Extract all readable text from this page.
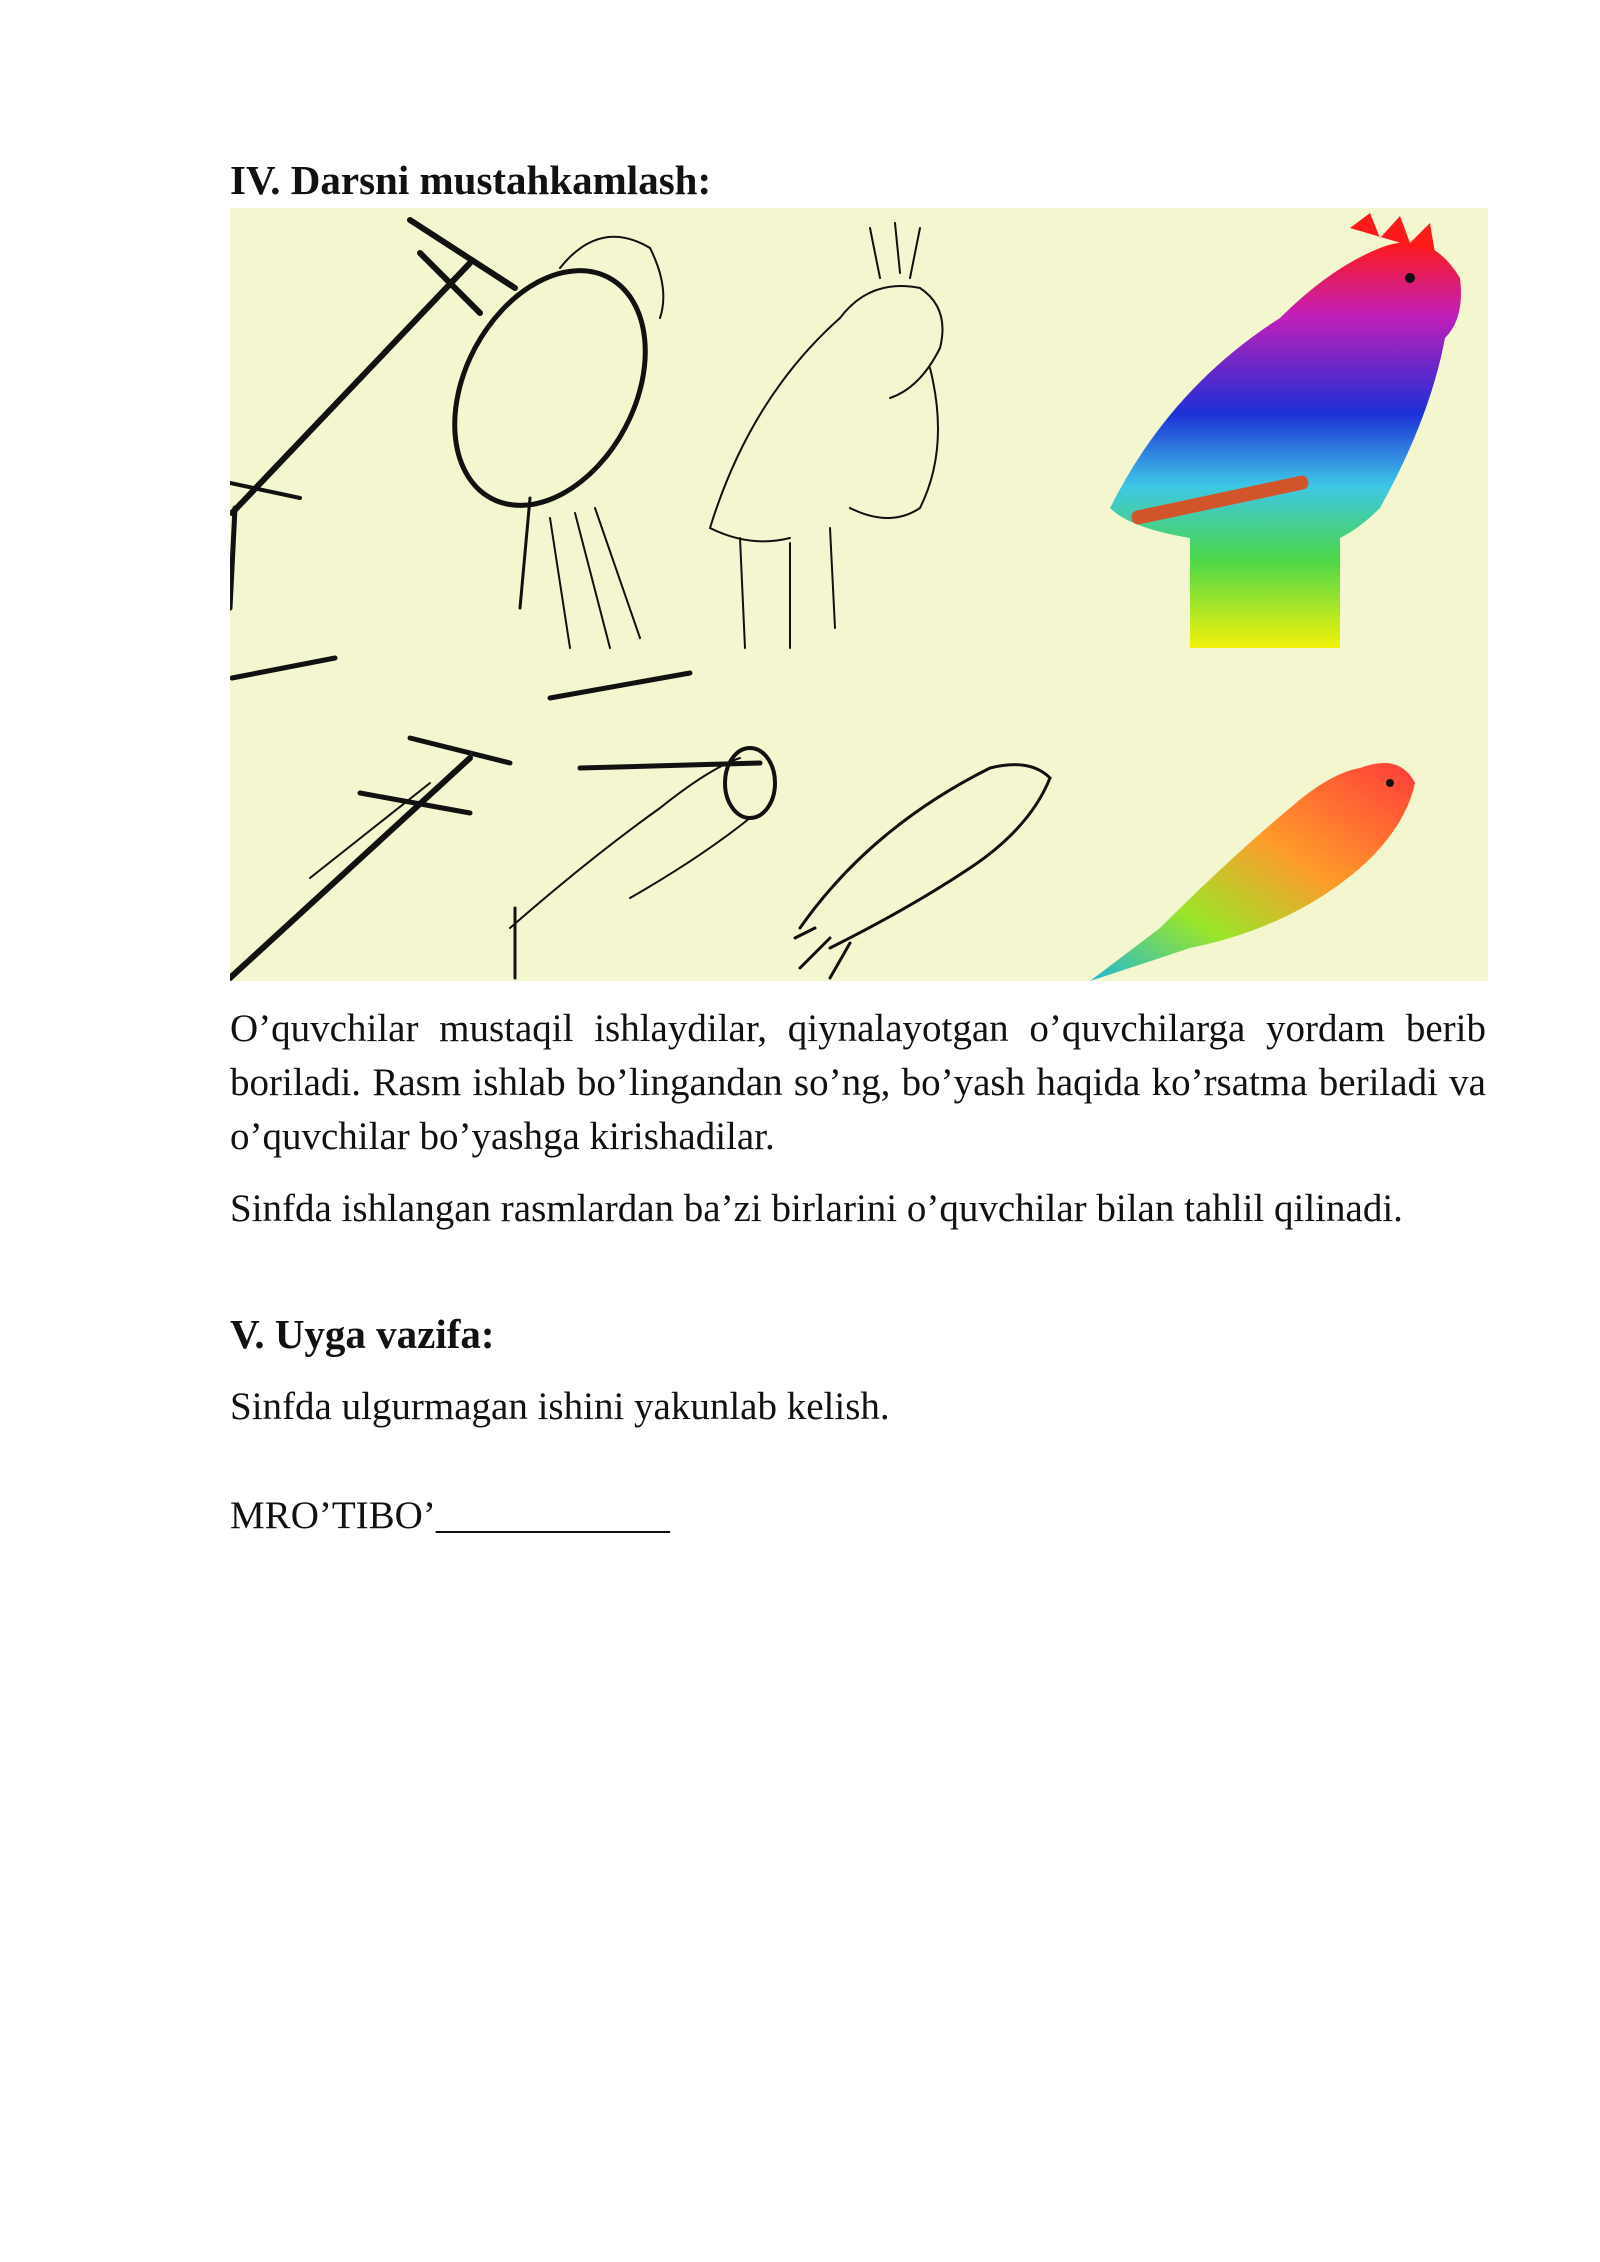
IV. Darsni mustahkamlash:

O’quvchilar mustaqil ishlaydilar, qiynalayotgan o’quvchilarga yordam berib boriladi. Rasm ishlab bo’lingandan so’ng, bo’yash haqida ko’rsatma beriladi va o’quvchilar bo’yashga kirishadilar.

Sinfda ishlangan rasmlardan ba’zi birlarini o’quvchilar bilan tahlil qilinadi.

V. Uyga vazifa:

Sinfda ulgurmagan ishini yakunlab kelish.

MRO’TIBO’____________
